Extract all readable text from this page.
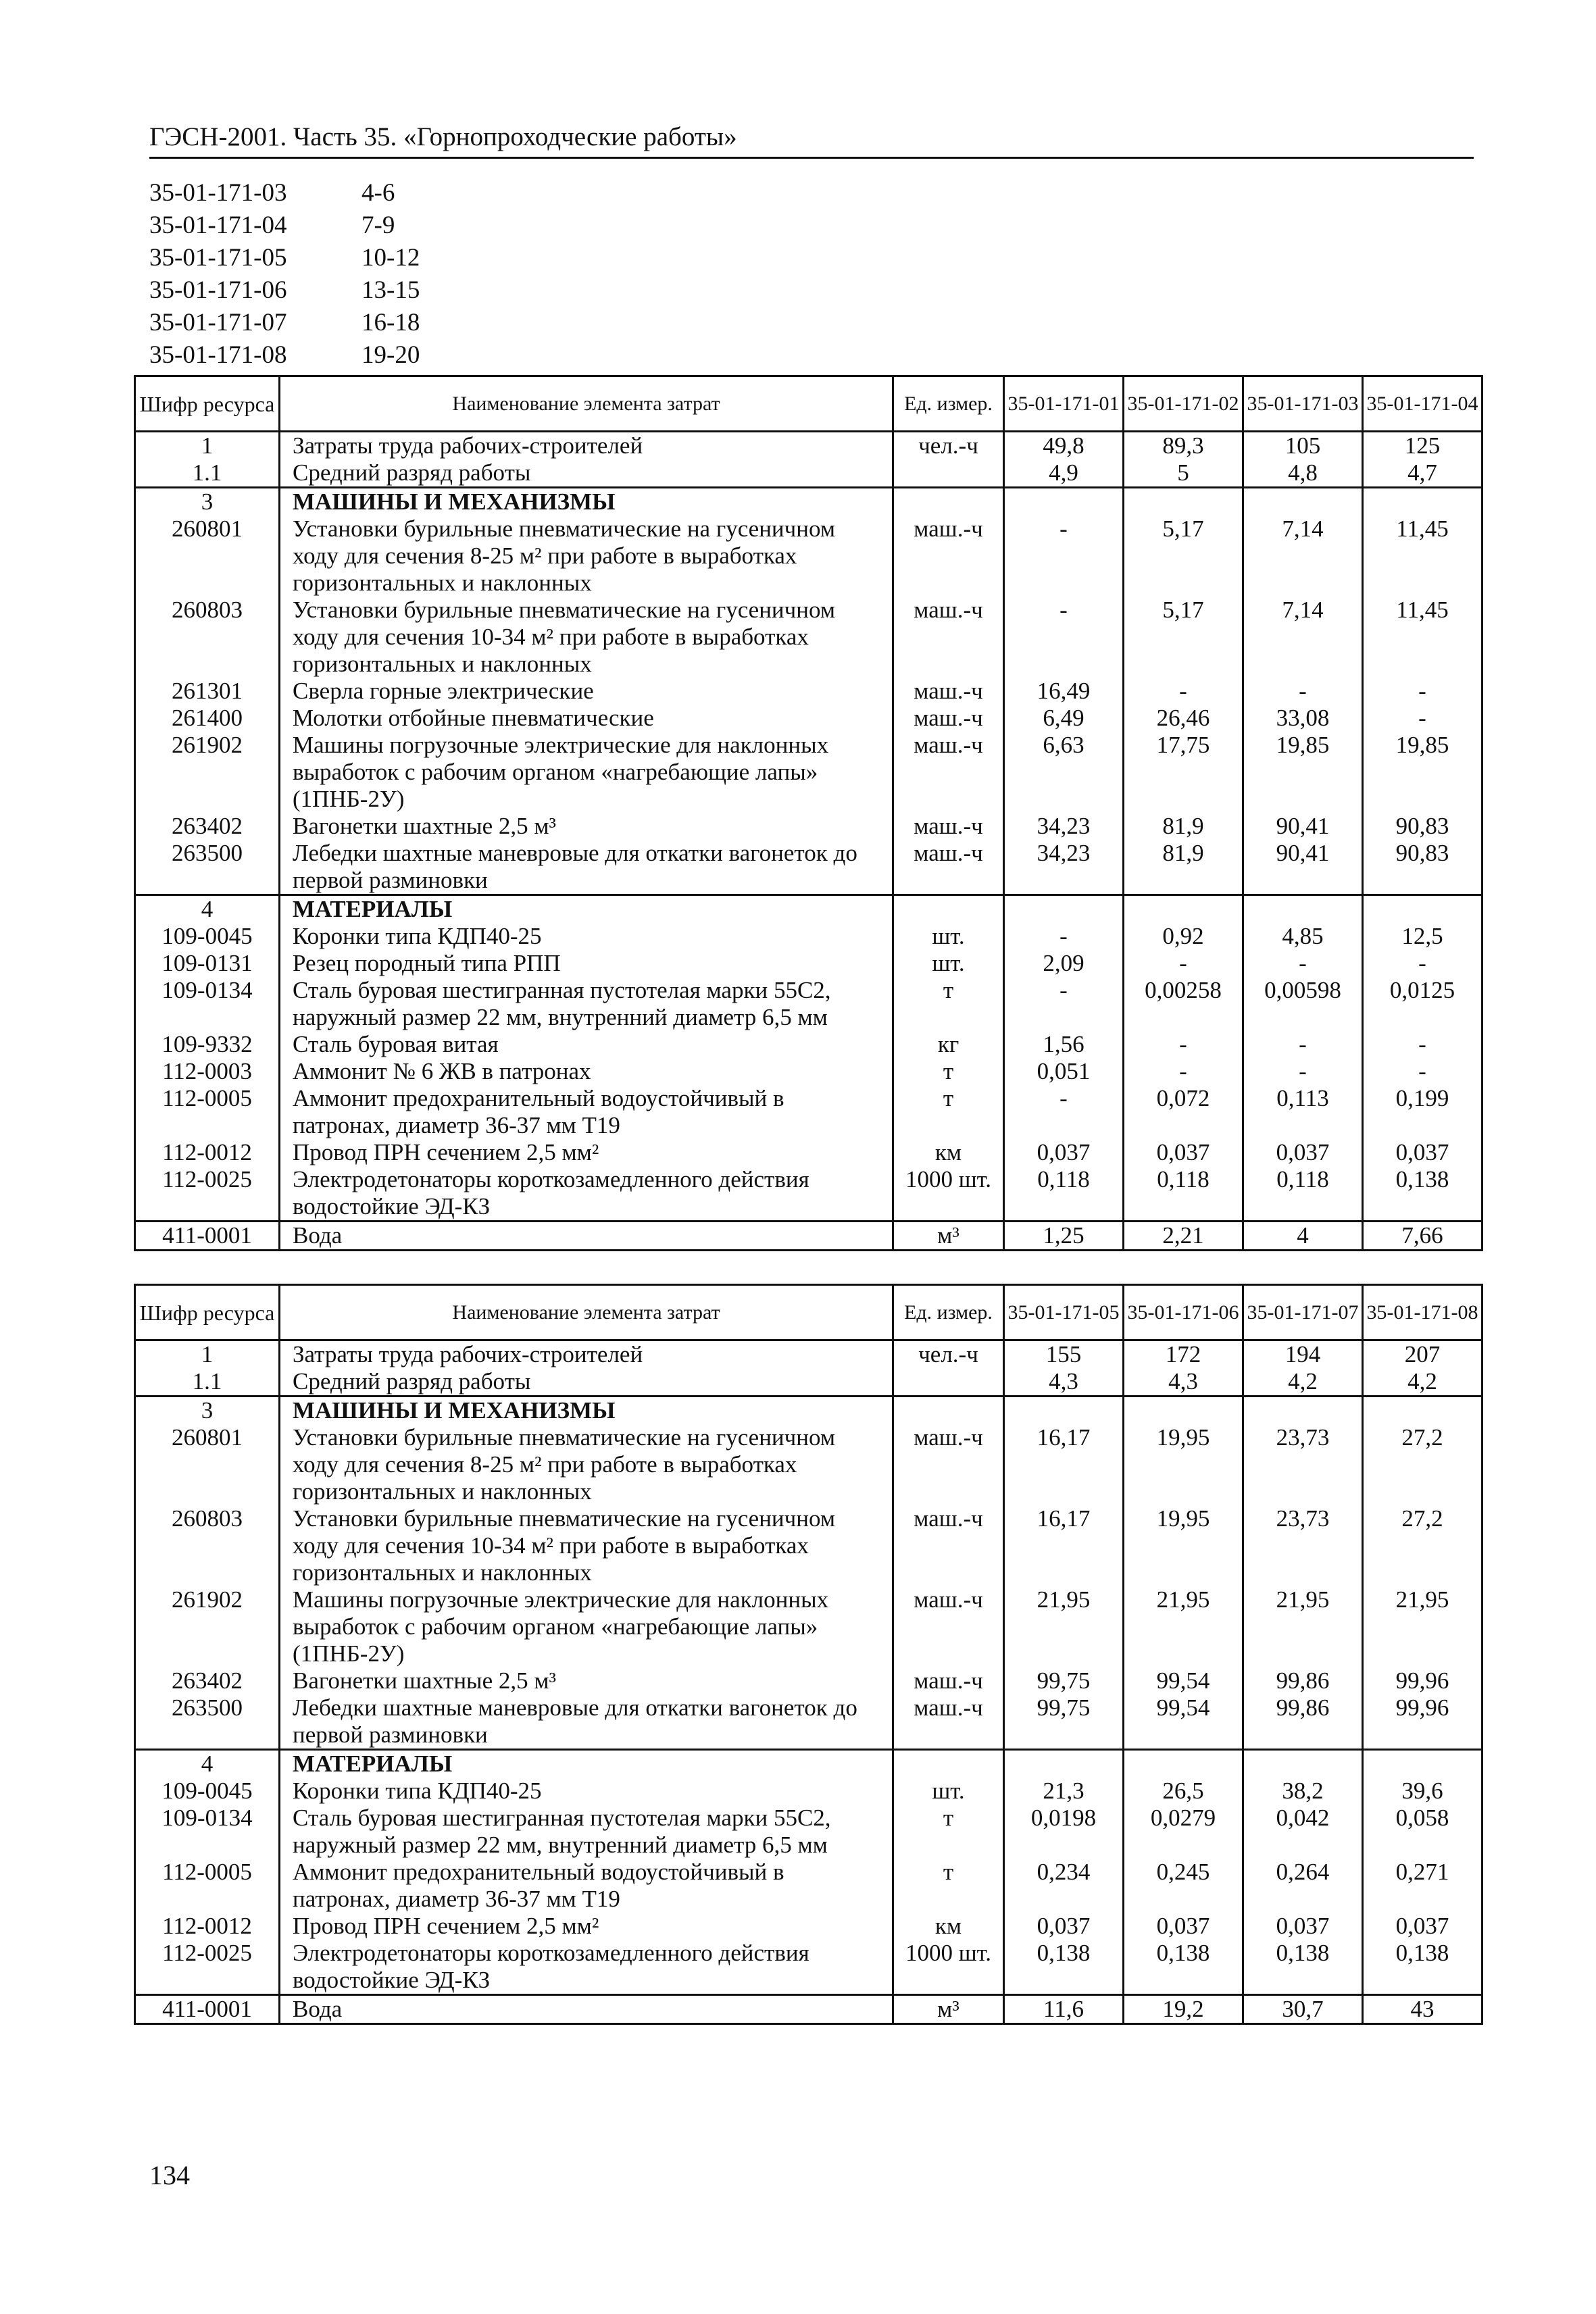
ГЭСН-2001. Часть 35. «Горнопроходческие работы»
35-01-171-03	4-6
35-01-171-04	7-9
35-01-171-05	10-12
35-01-171-06	13-15
35-01-171-07	16-18
35-01-171-08	19-20
Шифр ресурса	Наименование элемента затрат	Ед. измер.	35-01-171-01	35-01-171-02	35-01-171-03	35-01-171-04
1	Затраты труда рабочих-строителей	чел.-ч	49,8	89,3	105	125
1.1	Средний разряд работы		4,9	5	4,8	4,7
3	МАШИНЫ И МЕХАНИЗМЫ					
260801	Установки бурильные пневматические на гусеничном ходу для сечения 8-25 м² при работе в выработках горизонтальных и наклонных	маш.-ч	-	5,17	7,14	11,45
260803	Установки бурильные пневматические на гусеничном ходу для сечения 10-34 м² при работе в выработках горизонтальных и наклонных	маш.-ч	-	5,17	7,14	11,45
261301	Сверла горные электрические	маш.-ч	16,49	-	-	-
261400	Молотки отбойные пневматические	маш.-ч	6,49	26,46	33,08	-
261902	Машины погрузочные электрические для наклонных выработок с рабочим органом «нагребающие лапы» (1ПНБ-2У)	маш.-ч	6,63	17,75	19,85	19,85
263402	Вагонетки шахтные 2,5 м³	маш.-ч	34,23	81,9	90,41	90,83
263500	Лебедки шахтные маневровые для откатки вагонеток до первой разминовки	маш.-ч	34,23	81,9	90,41	90,83
4	МАТЕРИАЛЫ					
109-0045	Коронки типа КДП40-25	шт.	-	0,92	4,85	12,5
109-0131	Резец породный типа РПП	шт.	2,09	-	-	-
109-0134	Сталь буровая шестигранная пустотелая марки 55С2, наружный размер 22 мм, внутренний диаметр 6,5 мм	т	-	0,00258	0,00598	0,0125
109-9332	Сталь буровая витая	кг	1,56	-	-	-
112-0003	Аммонит № 6 ЖВ в патронах	т	0,051	-	-	-
112-0005	Аммонит предохранительный водоустойчивый в патронах, диаметр 36-37 мм Т19	т	-	0,072	0,113	0,199
112-0012	Провод ПРН сечением 2,5 мм²	км	0,037	0,037	0,037	0,037
112-0025	Электродетонаторы короткозамедленного действия водостойкие ЭД-КЗ	1000 шт.	0,118	0,118	0,118	0,138
411-0001	Вода	м³	1,25	2,21	4	7,66
Шифр ресурса	Наименование элемента затрат	Ед. измер.	35-01-171-05	35-01-171-06	35-01-171-07	35-01-171-08
1	Затраты труда рабочих-строителей	чел.-ч	155	172	194	207
1.1	Средний разряд работы		4,3	4,3	4,2	4,2
3	МАШИНЫ И МЕХАНИЗМЫ					
260801	Установки бурильные пневматические на гусеничном ходу для сечения 8-25 м² при работе в выработках горизонтальных и наклонных	маш.-ч	16,17	19,95	23,73	27,2
260803	Установки бурильные пневматические на гусеничном ходу для сечения 10-34 м² при работе в выработках горизонтальных и наклонных	маш.-ч	16,17	19,95	23,73	27,2
261902	Машины погрузочные электрические для наклонных выработок с рабочим органом «нагребающие лапы» (1ПНБ-2У)	маш.-ч	21,95	21,95	21,95	21,95
263402	Вагонетки шахтные 2,5 м³	маш.-ч	99,75	99,54	99,86	99,96
263500	Лебедки шахтные маневровые для откатки вагонеток до первой разминовки	маш.-ч	99,75	99,54	99,86	99,96
4	МАТЕРИАЛЫ					
109-0045	Коронки типа КДП40-25	шт.	21,3	26,5	38,2	39,6
109-0134	Сталь буровая шестигранная пустотелая марки 55С2, наружный размер 22 мм, внутренний диаметр 6,5 мм	т	0,0198	0,0279	0,042	0,058
112-0005	Аммонит предохранительный водоустойчивый в патронах, диаметр 36-37 мм Т19	т	0,234	0,245	0,264	0,271
112-0012	Провод ПРН сечением 2,5 мм²	км	0,037	0,037	0,037	0,037
112-0025	Электродетонаторы короткозамедленного действия водостойкие ЭД-КЗ	1000 шт.	0,138	0,138	0,138	0,138
411-0001	Вода	м³	11,6	19,2	30,7	43
134
